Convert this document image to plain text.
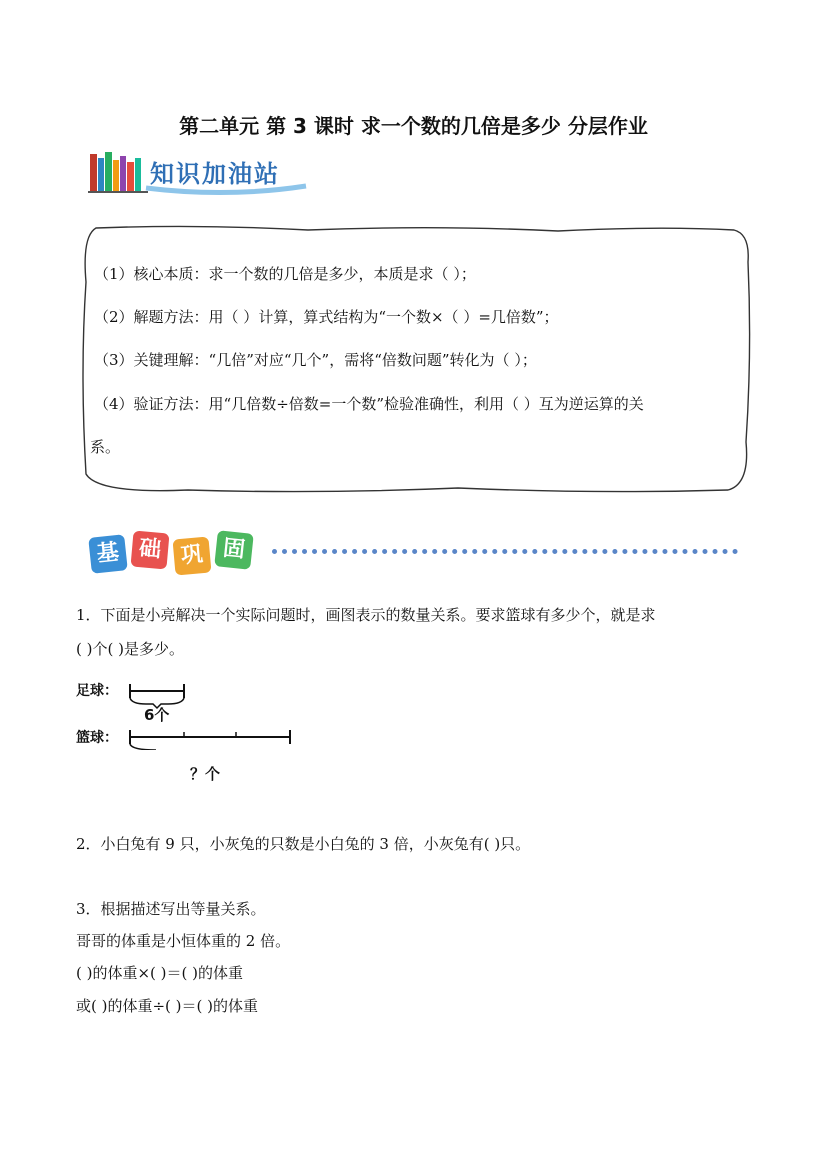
第二单元 第 3 课时 求一个数的几倍是多少 分层作业
知识加油站
（1）核心本质：求一个数的几倍是多少，本质是求（ ）；
（2）解题方法：用（ ）计算，算式结构为“一个数×（ ）=几倍数”；
（3）关键理解：“几倍”对应“几个”，需将“倍数问题”转化为（ ）；
（4）验证方法：用“几倍数÷倍数=一个数”检验准确性，利用（ ）互为逆运算的关
系。
基 础 巩 固
1．下面是小亮解决一个实际问题时，画图表示的数量关系。要求篮球有多少个，就是求
( )个( )是多少。
足球：
篮球：
6个
？个
2．小白兔有 9 只，小灰兔的只数是小白兔的 3 倍，小灰兔有( )只。
3．根据描述写出等量关系。
哥哥的体重是小恒体重的 2 倍。
( )的体重×( )＝( )的体重
或( )的体重÷( )＝( )的体重
